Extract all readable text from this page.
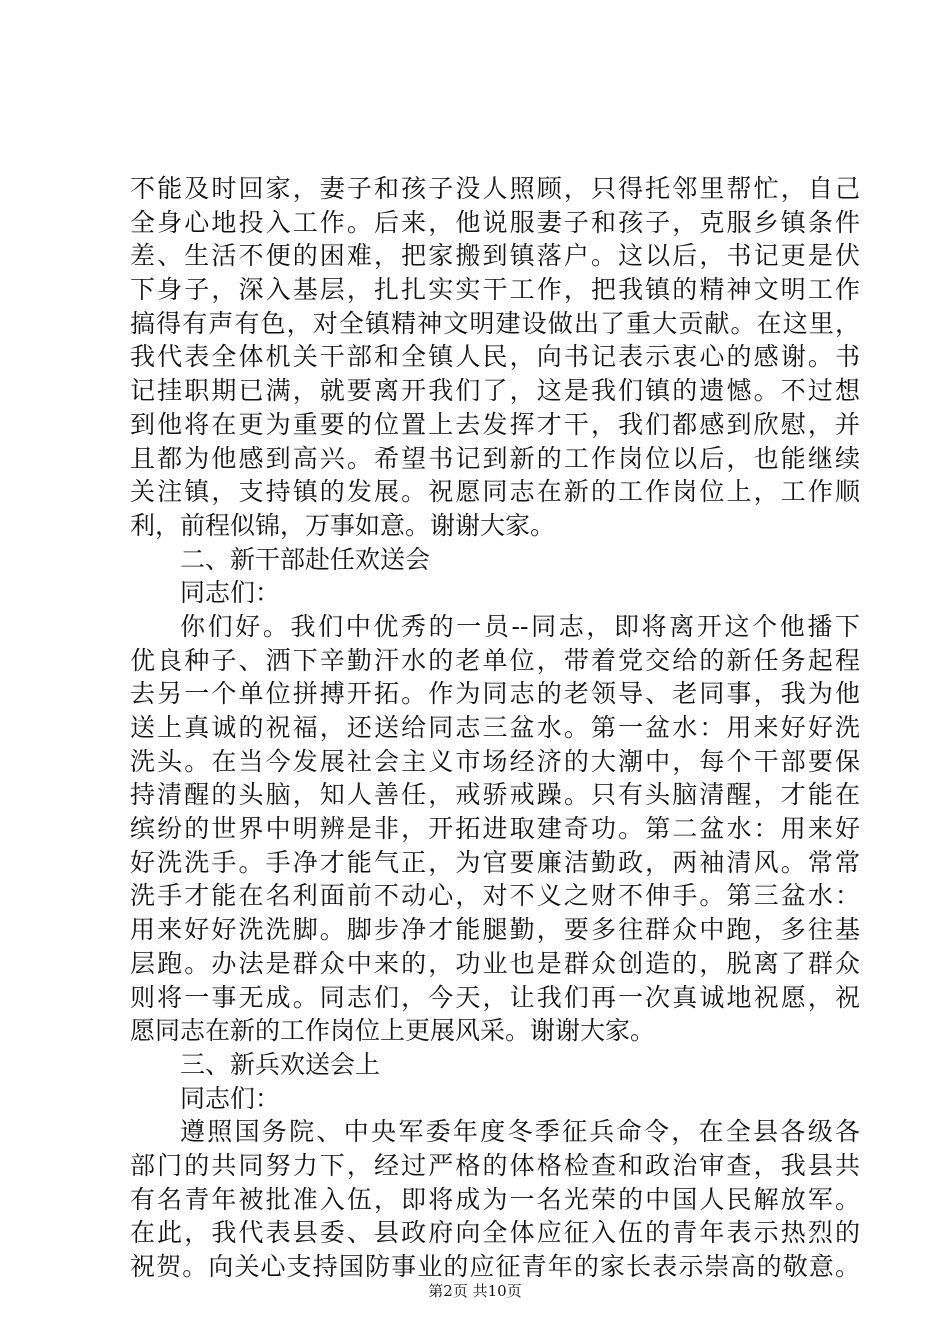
不能及时回家，妻子和孩子没人照顾，只得托邻里帮忙，自己
全身心地投入工作。后来，他说服妻子和孩子，克服乡镇条件
差、生活不便的困难，把家搬到镇落户。这以后，书记更是伏
下身子，深入基层，扎扎实实干工作，把我镇的精神文明工作
搞得有声有色，对全镇精神文明建设做出了重大贡献。在这里，
我代表全体机关干部和全镇人民，向书记表示衷心的感谢。书
记挂职期已满，就要离开我们了，这是我们镇的遗憾。不过想
到他将在更为重要的位置上去发挥才干，我们都感到欣慰，并
且都为他感到高兴。希望书记到新的工作岗位以后，也能继续
关注镇，支持镇的发展。祝愿同志在新的工作岗位上，工作顺
利，前程似锦，万事如意。谢谢大家。
二、新干部赴任欢送会
同志们：
你们好。我们中优秀的一员--同志，即将离开这个他播下
优良种子、洒下辛勤汗水的老单位，带着党交给的新任务起程
去另一个单位拼搏开拓。作为同志的老领导、老同事，我为他
送上真诚的祝福，还送给同志三盆水。第一盆水：用来好好洗
洗头。在当今发展社会主义市场经济的大潮中，每个干部要保
持清醒的头脑，知人善任，戒骄戒躁。只有头脑清醒，才能在
缤纷的世界中明辨是非，开拓进取建奇功。第二盆水：用来好
好洗洗手。手净才能气正，为官要廉洁勤政，两袖清风。常常
洗手才能在名利面前不动心，对不义之财不伸手。第三盆水：
用来好好洗洗脚。脚步净才能腿勤，要多往群众中跑，多往基
层跑。办法是群众中来的，功业也是群众创造的，脱离了群众
则将一事无成。同志们，今天，让我们再一次真诚地祝愿，祝
愿同志在新的工作岗位上更展风采。谢谢大家。
三、新兵欢送会上
同志们：
遵照国务院、中央军委年度冬季征兵命令，在全县各级各
部门的共同努力下，经过严格的体格检查和政治审查，我县共
有名青年被批准入伍，即将成为一名光荣的中国人民解放军。
在此，我代表县委、县政府向全体应征入伍的青年表示热烈的
祝贺。向关心支持国防事业的应征青年的家长表示崇高的敬意。
第2页 共10页
